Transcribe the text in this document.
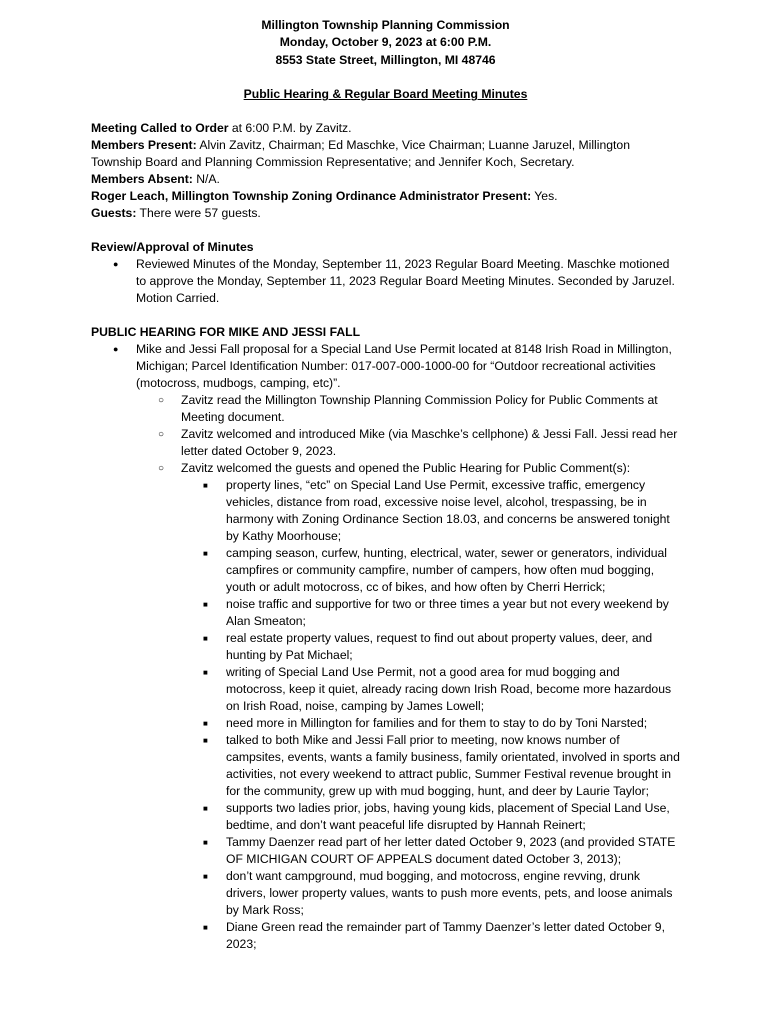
Millington Township Planning Commission
Monday, October 9, 2023 at 6:00 P.M.
8553 State Street, Millington, MI 48746
Public Hearing & Regular Board Meeting Minutes
Meeting Called to Order at 6:00 P.M. by Zavitz.
Members Present: Alvin Zavitz, Chairman; Ed Maschke, Vice Chairman; Luanne Jaruzel, Millington Township Board and Planning Commission Representative; and Jennifer Koch, Secretary.
Members Absent: N/A.
Roger Leach, Millington Township Zoning Ordinance Administrator Present: Yes.
Guests: There were 57 guests.
Review/Approval of Minutes
● Reviewed Minutes of the Monday, September 11, 2023 Regular Board Meeting. Maschke motioned to approve the Monday, September 11, 2023 Regular Board Meeting Minutes. Seconded by Jaruzel. Motion Carried.
PUBLIC HEARING FOR MIKE AND JESSI FALL
● Mike and Jessi Fall proposal for a Special Land Use Permit located at 8148 Irish Road in Millington, Michigan; Parcel Identification Number: 017-007-000-1000-00 for “Outdoor recreational activities (motocross, mudbogs, camping, etc)”.
○ Zavitz read the Millington Township Planning Commission Policy for Public Comments at Meeting document.
○ Zavitz welcomed and introduced Mike (via Maschke’s cellphone) & Jessi Fall. Jessi read her letter dated October 9, 2023.
○ Zavitz welcomed the guests and opened the Public Hearing for Public Comment(s):
■ property lines, “etc” on Special Land Use Permit, excessive traffic, emergency vehicles, distance from road, excessive noise level, alcohol, trespassing, be in harmony with Zoning Ordinance Section 18.03, and concerns be answered tonight by Kathy Moorhouse;
■ camping season, curfew, hunting, electrical, water, sewer or generators, individual campfires or community campfire, number of campers, how often mud bogging, youth or adult motocross, cc of bikes, and how often by Cherri Herrick;
■ noise traffic and supportive for two or three times a year but not every weekend by Alan Smeaton;
■ real estate property values, request to find out about property values, deer, and hunting by Pat Michael;
■ writing of Special Land Use Permit, not a good area for mud bogging and motocross, keep it quiet, already racing down Irish Road, become more hazardous on Irish Road, noise, camping by James Lowell;
■ need more in Millington for families and for them to stay to do by Toni Narsted;
■ talked to both Mike and Jessi Fall prior to meeting, now knows number of campsites, events, wants a family business, family orientated, involved in sports and activities, not every weekend to attract public, Summer Festival revenue brought in for the community, grew up with mud bogging, hunt, and deer by Laurie Taylor;
■ supports two ladies prior, jobs, having young kids, placement of Special Land Use, bedtime, and don’t want peaceful life disrupted by Hannah Reinert;
■ Tammy Daenzer read part of her letter dated October 9, 2023 (and provided STATE OF MICHIGAN COURT OF APPEALS document dated October 3, 2013);
■ don’t want campground, mud bogging, and motocross, engine revving, drunk drivers, lower property values, wants to push more events, pets, and loose animals by Mark Ross;
■ Diane Green read the remainder part of Tammy Daenzer’s letter dated October 9, 2023;
